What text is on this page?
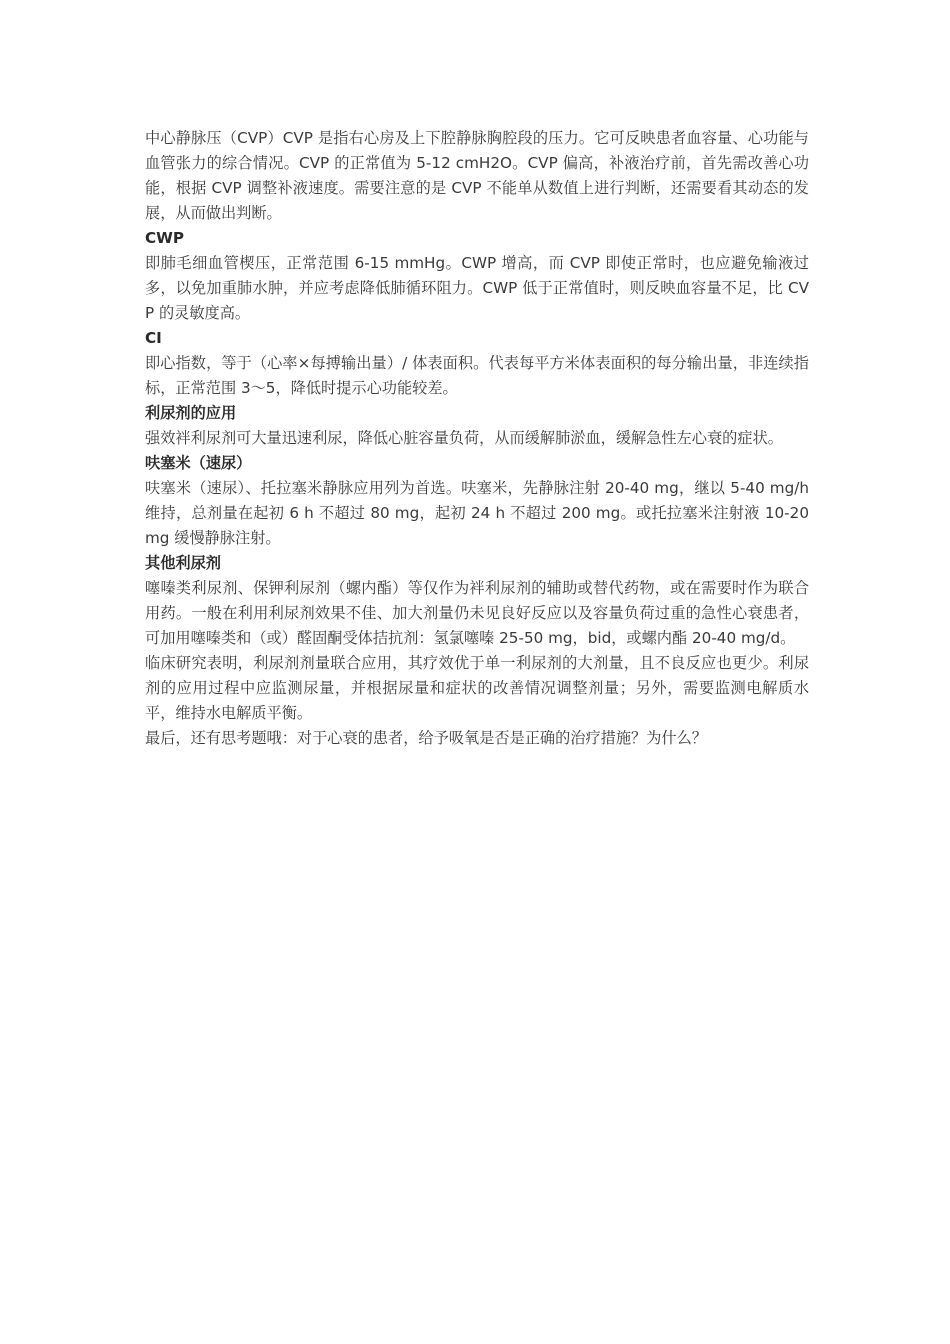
中心静脉压（CVP）CVP 是指右心房及上下腔静脉胸腔段的压力。它可反映患者血容量、心功能与血管张力的综合情况。CVP 的正常值为 5-12 cmH2O。CVP 偏高，补液治疗前，首先需改善心功能，根据 CVP 调整补液速度。需要注意的是 CVP 不能单从数值上进行判断，还需要看其动态的发展，从而做出判断。

CWP

即肺毛细血管楔压，正常范围 6-15 mmHg。CWP 增高，而 CVP 即使正常时，也应避免输液过多，以免加重肺水肿，并应考虑降低肺循环阻力。CWP 低于正常值时，则反映血容量不足，比 CVP 的灵敏度高。

CI

即心指数，等于（心率×每搏输出量）/ 体表面积。代表每平方米体表面积的每分输出量，非连续指标，正常范围 3～5，降低时提示心功能较差。

利尿剂的应用

强效袢利尿剂可大量迅速利尿，降低心脏容量负荷，从而缓解肺淤血，缓解急性左心衰的症状。

呋塞米（速尿）

呋塞米（速尿）、托拉塞米静脉应用列为首选。呋塞米，先静脉注射 20-40 mg，继以 5-40 mg/h 维持，总剂量在起初 6 h 不超过 80 mg，起初 24 h 不超过 200 mg。或托拉塞米注射液 10-20 mg 缓慢静脉注射。

其他利尿剂

噻嗪类利尿剂、保钾利尿剂（螺内酯）等仅作为袢利尿剂的辅助或替代药物，或在需要时作为联合用药。一般在利用利尿剂效果不佳、加大剂量仍未见良好反应以及容量负荷过重的急性心衰患者，可加用噻嗪类和（或）醛固酮受体拮抗剂：氢氯噻嗪 25-50 mg，bid，或螺内酯 20-40 mg/d。

临床研究表明，利尿剂剂量联合应用，其疗效优于单一利尿剂的大剂量，且不良反应也更少。利尿剂的应用过程中应监测尿量，并根据尿量和症状的改善情况调整剂量；另外，需要监测电解质水平，维持水电解质平衡。

最后，还有思考题哦：对于心衰的患者，给予吸氧是否是正确的治疗措施？为什么？
